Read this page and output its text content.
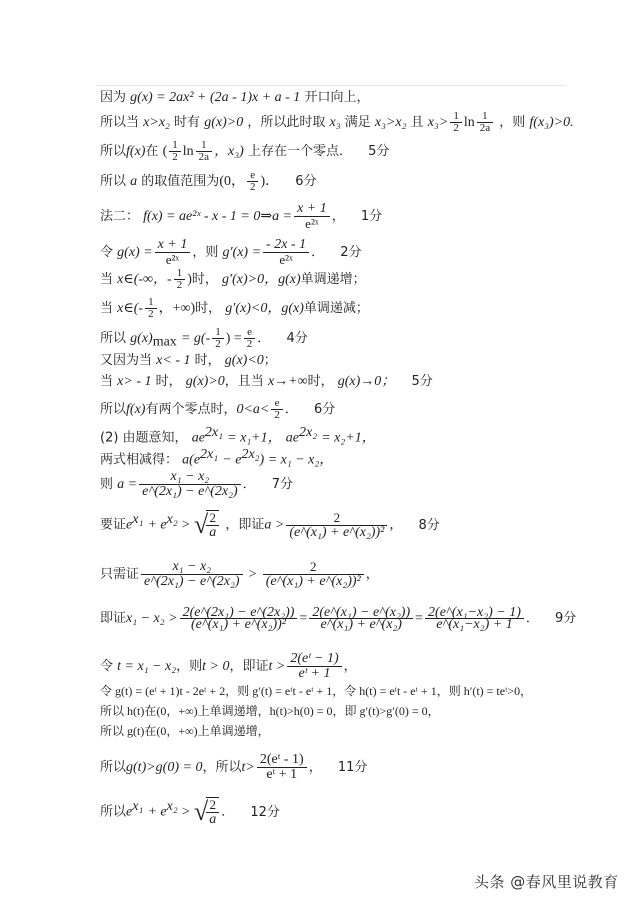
因为 g(x) = 2ax² + (2a - 1)x + a - 1 开口向上，
所以当 x>x₂ 时有 g(x)>0 ，所以此时取 x₃ 满足 x₃>x₂ 且 $x_3> \frac{1}{2}$ $\ln \frac{1}{2a}$ ，则 f(x₃)>0.
所以f(x)在 ( $\frac{1}{2}$ $\ln \frac{1}{2a}$ ，x₃) 上存在一个零点． 5分
所以 a 的取值范围为(0， $\frac{e}{2}$ )． 6分
法二： f(x) = ae²ˣ - x - 1 = 0⇒a = $\frac{x + 1}{\text{e²ˣ}}$ ， 1分
令 $g(x) = \frac{x + 1}{\text{e²ˣ}}$ ，则 $g'(x) = \frac{- 2x - 1}{\text{e²ˣ}}$ ． 2分
当 x∈(-∞，- $\frac{1}{2}$ )时， g′(x)>0，g(x)单调递增；
当 x∈(- $\frac{1}{2}$ ，+∞)时， g′(x)<0，g(x)单调递减；
所以 $g(x)_{max} = g(- \frac{1}{2}$ ) = $\frac{e}{2}$ ． 4分
又因为当 x< - 1 时， g(x)<0；
当 x> - 1 时， g(x)>0，且当 x→+∞时， g(x)→0； 5分
所以f(x)有两个零点时，$0<a< \frac{e}{2}$ ． 6分
(2) 由题意知， $ae^{2x_1} = x_1+1$， $ae^{2x_2} = x_2+1$，
两式相减得： $a(e^{2x_1} - e^{2x_2}) = x_1 - x_2$，
则 $a = \frac{\text{x₁ − x₂}}{\text{e\textasciicircum{}(2x₁) − e\textasciicircum{}(2x₂)}}$ ． 7分
要证$e^{x_1} + e^{x_2}$ > √
$\frac{2}{a}$ ，即证$a > \frac{2}{\text{(e\textasciicircum{}(x₁) + e\textasciicircum{}(x₂))²}}$ ， 8分
只需证 $\frac{\text{x₁ − x₂}}{\text{e\textasciicircum{}(2x₁) − e\textasciicircum{}(2x₂)}} > \frac{2}{\text{(e\textasciicircum{}(x₁) + e\textasciicircum{}(x₂))²}}$ ，
即证$x_1 - x_2 > \frac{\text{2(e\textasciicircum{}(2x₁) − e\textasciicircum{}(2x₂))}}{\text{(e\textasciicircum{}(x₁) + e\textasciicircum{}(x₂))²}} = \frac{\text{2(e\textasciicircum{}(x₁) − e\textasciicircum{}(x₂))}}{\text{e\textasciicircum{}(x₁) + e\textasciicircum{}(x₂)}} = \frac{\text{2(e\textasciicircum{}(x₁−x₂) − 1)}}{\text{e\textasciicircum{}(x₁−x₂) + 1}}$ ． 9分
令 t = x₁ − x₂，则t > 0，即证$t > \frac{\text{2(eᵗ − 1)}}{\text{eᵗ + 1}}$ ，
令 g(t) = (eᵗ + 1)t - 2eᵗ + 2，则 g′(t) = eᵗt - eᵗ + 1，令 h(t) = eᵗt - eᵗ + 1，则 h′(t) = teᵗ>0，
所以 h(t)在(0，+∞)上单调递增，h(t)>h(0) = 0，即 g′(t)>g′(0) = 0，
所以 g(t)在(0，+∞)上单调递增，
所以g(t)>g(0) = 0，所以$t> \frac{\text{2(eᵗ - 1)}}{\text{eᵗ + 1}}$ ， 11分
所以$e^{x_1} + e^{x_2}$ > √
$\frac{2}{a}$ ． 12分
头条 @春风里说教育
